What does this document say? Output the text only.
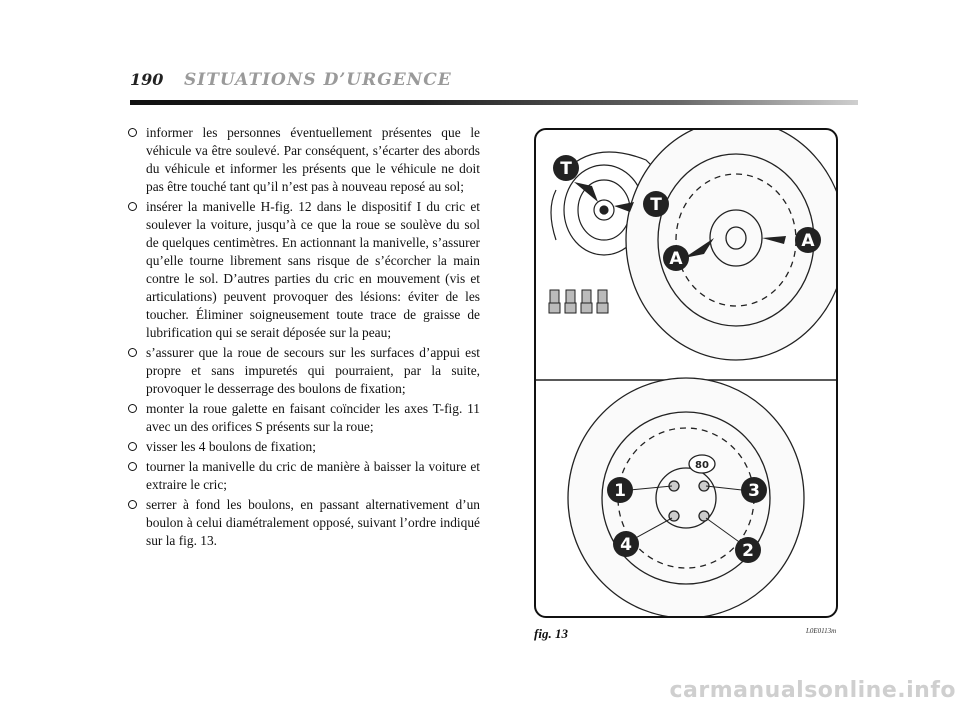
190 SITUATIONS D’URGENCE
informer les personnes éventuellement présentes que le véhicule va être soulevé. Par conséquent, s’écarter des abords du véhicule et informer les présents que le véhicule ne doit pas être touché tant qu’il n’est pas à nouveau reposé au sol;
insérer la manivelle H-fig. 12 dans le dispositif I du cric et soulever la voiture, jusqu’à ce que la roue se soulève du sol de quelques centimètres. En actionnant la manivelle, s’assurer qu’elle tourne librement sans risque de s’écorcher la main contre le sol. D’autres parties du cric en mouvement (vis et articulations) peuvent provoquer des lésions: éviter de les toucher. Éliminer soigneusement toute trace de graisse de lubrification qui se serait déposée sur la peau;
s’assurer que la roue de secours sur les surfaces d’appui est propre et sans impuretés qui pourraient, par la suite, provoquer le desserrage des boulons de fixation;
monter la roue galette en faisant coïncider les axes T-fig. 11 avec un des orifices S présents sur la roue;
visser les 4 boulons de fixation;
tourner la manivelle du cric de manière à baisser la voiture et extraire le cric;
serrer à fond les boulons, en passant alternativement d’un boulon à celui diamétralement opposé, suivant l’ordre indiqué sur la fig. 13.
T
T
A
A
1	3
4	2
80
fig. 13	L0E0113m
carmanualsonline.info
